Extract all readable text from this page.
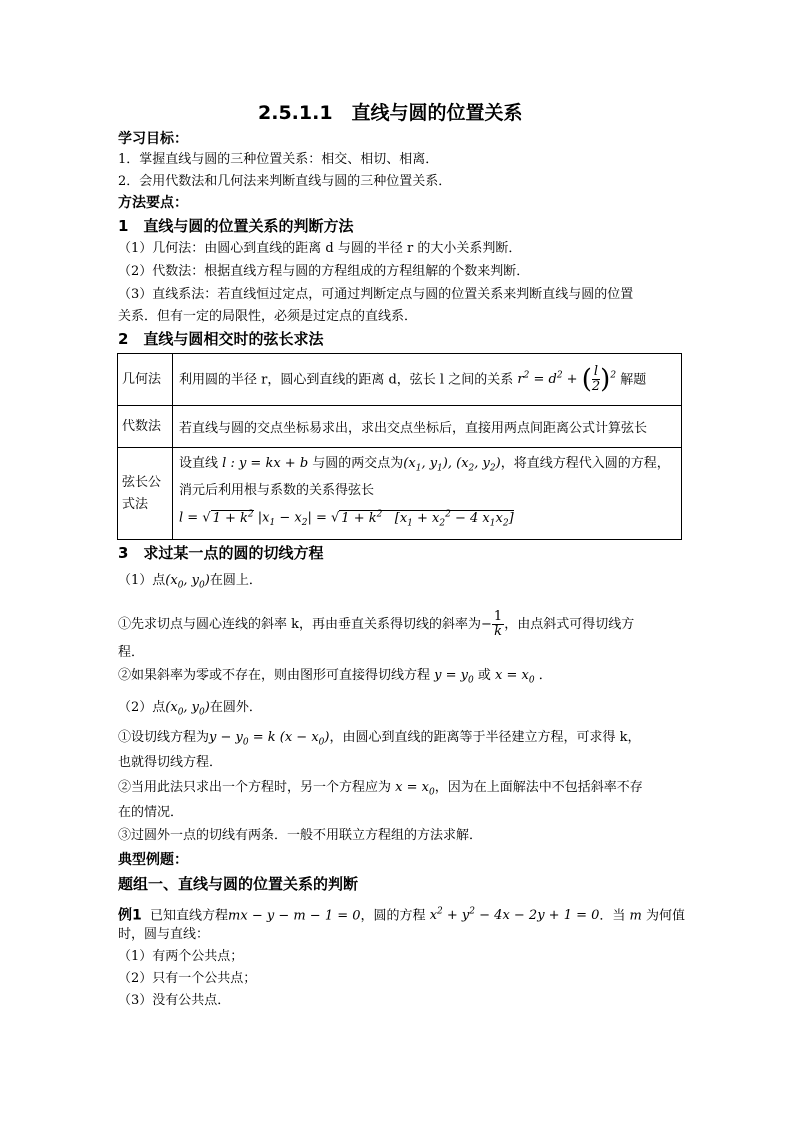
2.5.1.1　直线与圆的位置关系
学习目标：
1．掌握直线与圆的三种位置关系：相交、相切、相离．
2．会用代数法和几何法来判断直线与圆的三种位置关系．
方法要点：
1　直线与圆的位置关系的判断方法
（1）几何法：由圆心到直线的距离 d 与圆的半径 r 的大小关系判断．
（2）代数法：根据直线方程与圆的方程组成的方程组解的个数来判断．
（3）直线系法：若直线恒过定点，可通过判断定点与圆的位置关系来判断直线与圆的位置
关系．但有一定的局限性，必须是过定点的直线系．
2　直线与圆相交时的弦长求法
几何法	利用圆的半径 r，圆心到直线的距离 d，弦长 l 之间的关系 $r^2 = d^2$ + ( $\frac{l}{2} )^2$ 解题
代数法	若直线与圆的交点坐标易求出，求出交点坐标后，直接用两点间距离公式计算弦长
弦长公式法	设直线 l : y = kx + b 与圆的两交点为($x_1$, $y_1$), ($x_2$, $y_2$)，将直线方程代入圆的方程，
消元后利用根与系数的关系得弦长
l = √ $1 + k^2$ $|x_1 - x_2|$ = √ $1 + k^2$   [$x_1 + x_2^2 - 4$ $x_1x_2$]
3　求过某一点的圆的切线方程
（1）点($x_0$, $y_0$)在圆上．
①先求切点与圆心连线的斜率 k，再由垂直关系得切线的斜率为− $\frac{1}{k}$ ，由点斜式可得切线方
程．
②如果斜率为零或不存在，则由图形可直接得切线方程 $y = y_0$ 或 $x = x_0$ ．
（2）点($x_0$, $y_0$)在圆外．
①设切线方程为$y - y_0 = k$ $(x - x_0)$，由圆心到直线的距离等于半径建立方程，可求得 k，
也就得切线方程．
②当用此法只求出一个方程时，另一个方程应为 $x = x_0$，因为在上面解法中不包括斜率不存
在的情况．
③过圆外一点的切线有两条．一般不用联立方程组的方法求解．
典型例题：
题组一、直线与圆的位置关系的判断
例1 已知直线方程mx − y − m − 1 = 0，圆的方程 $x^2 + y^2 - 4x - 2y + 1 = 0$．当 m 为何值
时，圆与直线：
（1）有两个公共点；
（2）只有一个公共点；
（3）没有公共点．
